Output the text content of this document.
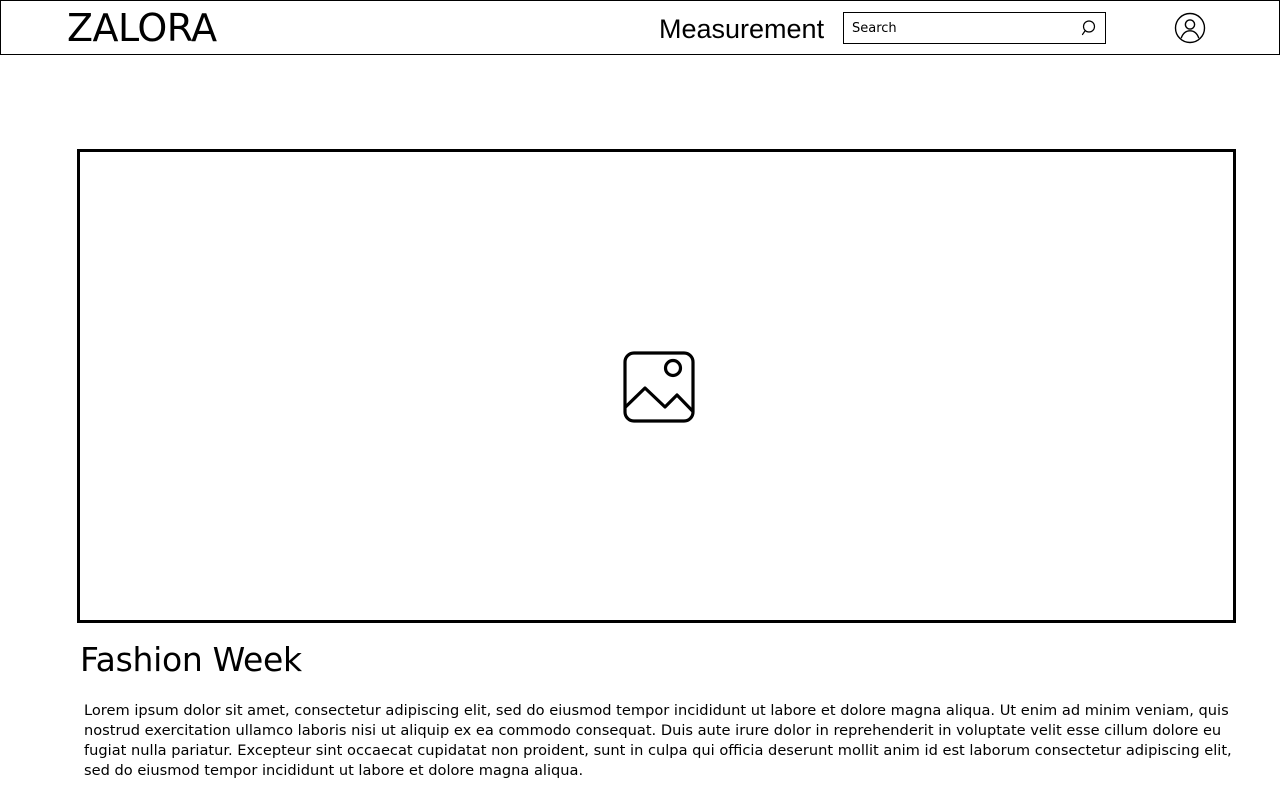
ZALORA	Measurement
Search
Fashion Week

Lorem ipsum dolor sit amet, consectetur adipiscing elit, sed do eiusmod tempor incididunt ut labore et dolore magna aliqua. Ut enim ad minim veniam, quis nostrud exercitation ullamco laboris nisi ut aliquip ex ea commodo consequat. Duis aute irure dolor in reprehenderit in voluptate velit esse cillum dolore eu fugiat nulla pariatur. Excepteur sint occaecat cupidatat non proident, sunt in culpa qui officia deserunt mollit anim id est laborum consectetur adipiscing elit, sed do eiusmod tempor incididunt ut labore et dolore magna aliqua.
